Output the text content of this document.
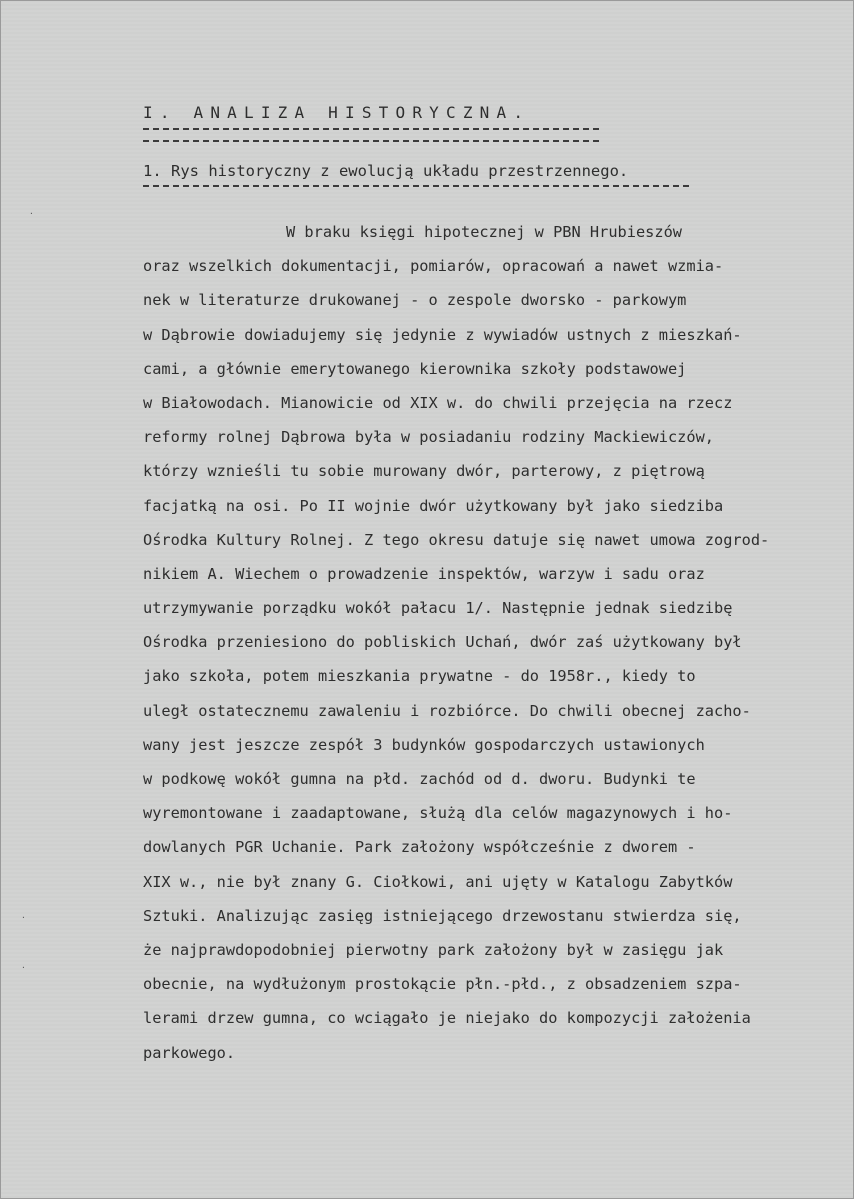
I. ANALIZA HISTORYCZNA.
1. Rys historyczny z ewolucją układu przestrzennego.
W braku księgi hipotecznej w PBN Hrubieszów
oraz wszelkich dokumentacji, pomiarów, opracowań a nawet wzmia-
nek w literaturze drukowanej - o zespole dworsko - parkowym
w Dąbrowie dowiadujemy się jedynie z wywiadów ustnych z mieszkań-
cami, a głównie emerytowanego kierownika szkoły podstawowej
w Białowodach. Mianowicie od XIX w. do chwili przejęcia na rzecz
reformy rolnej Dąbrowa była w posiadaniu rodziny Mackiewiczów,
którzy wznieśli tu sobie murowany dwór, parterowy, z piętrową
facjatką na osi. Po II wojnie dwór użytkowany był jako siedziba
Ośrodka Kultury Rolnej. Z tego okresu datuje się nawet umowa zogrod-
nikiem A. Wiechem o prowadzenie inspektów, warzyw i sadu oraz
utrzymywanie porządku wokół pałacu 1/. Następnie jednak siedzibę
Ośrodka przeniesiono do pobliskich Uchań, dwór zaś użytkowany był
jako szkoła, potem mieszkania prywatne - do 1958r., kiedy to
uległ ostatecznemu zawaleniu i rozbiórce. Do chwili obecnej zacho-
wany jest jeszcze zespół 3 budynków gospodarczych ustawionych
w podkowę wokół gumna na płd. zachód od d. dworu. Budynki te
wyremontowane i zaadaptowane, służą dla celów magazynowych i ho-
dowlanych PGR Uchanie. Park założony współcześnie z dworem -
XIX w., nie był znany G. Ciołkowi, ani ujęty w Katalogu Zabytków
Sztuki. Analizując zasięg istniejącego drzewostanu stwierdza się,
że najprawdopodobniej pierwotny park założony był w zasięgu jak
obecnie, na wydłużonym prostokącie płn.-płd., z obsadzeniem szpa-
lerami drzew gumna, co wciągało je niejako do kompozycji założenia
parkowego.
·
·
·
